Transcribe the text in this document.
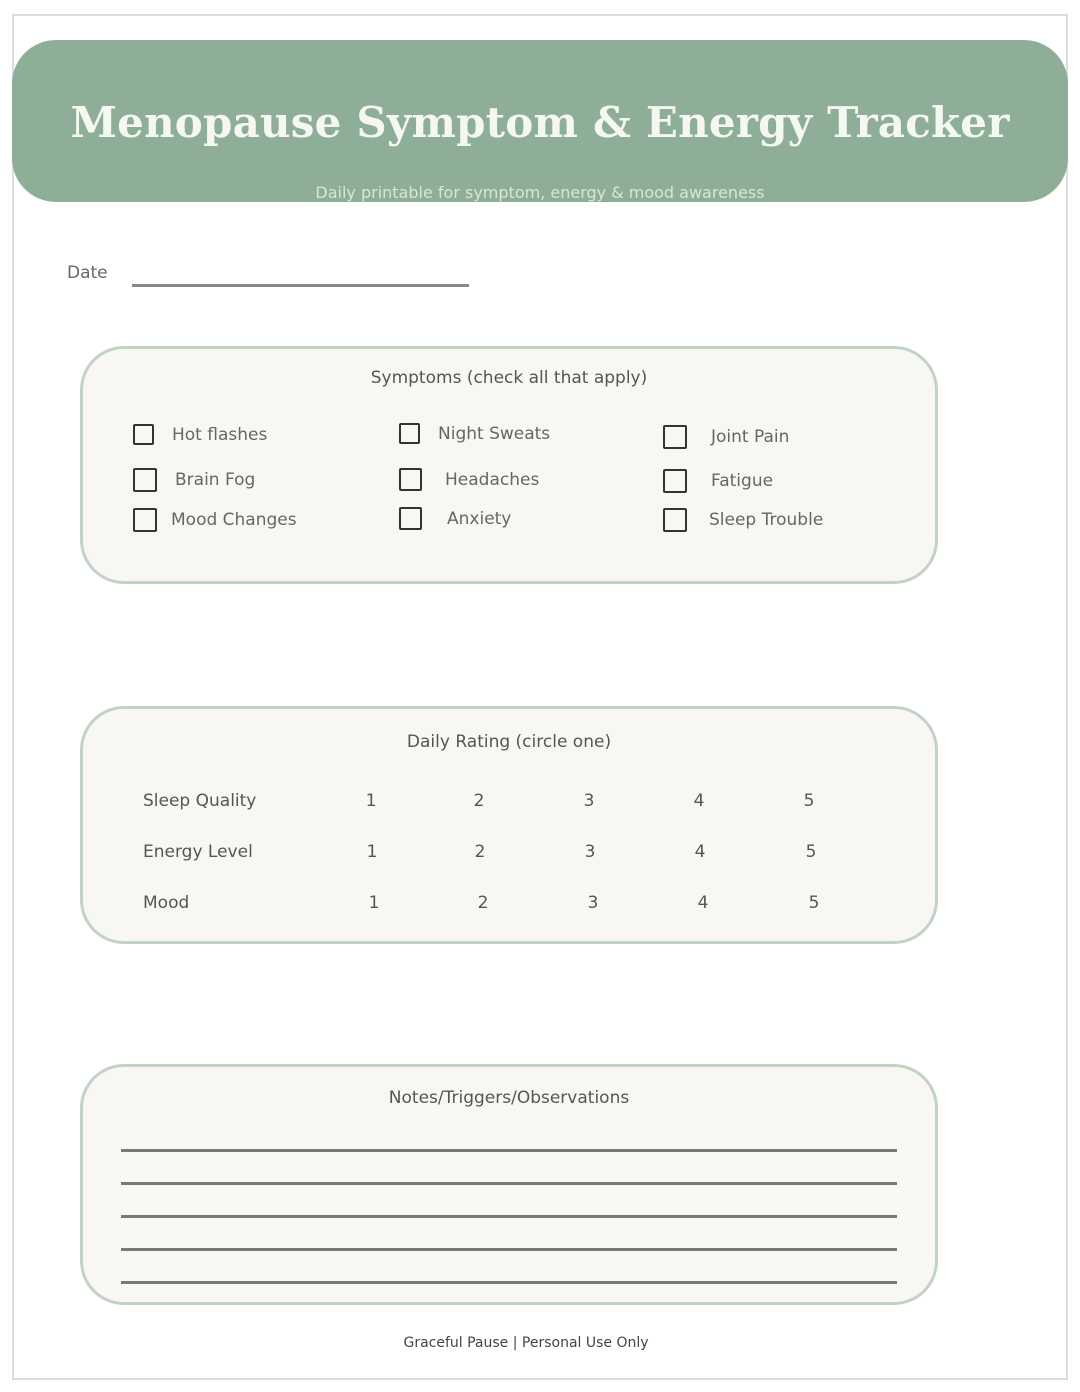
Menopause Symptom & Energy Tracker
Daily printable for symptom, energy & mood awareness
Date
Symptoms (check all that apply)
Hot flashes	Night Sweats	Joint Pain
Brain Fog	Headaches	Fatigue
Mood Changes	Anxiety	Sleep Trouble
Daily Rating (circle one)
Sleep Quality	1	2	3	4	5
Energy Level	1	2	3	4	5
Mood	1	2	3	4	5
Notes/Triggers/Observations
Graceful Pause | Personal Use Only
